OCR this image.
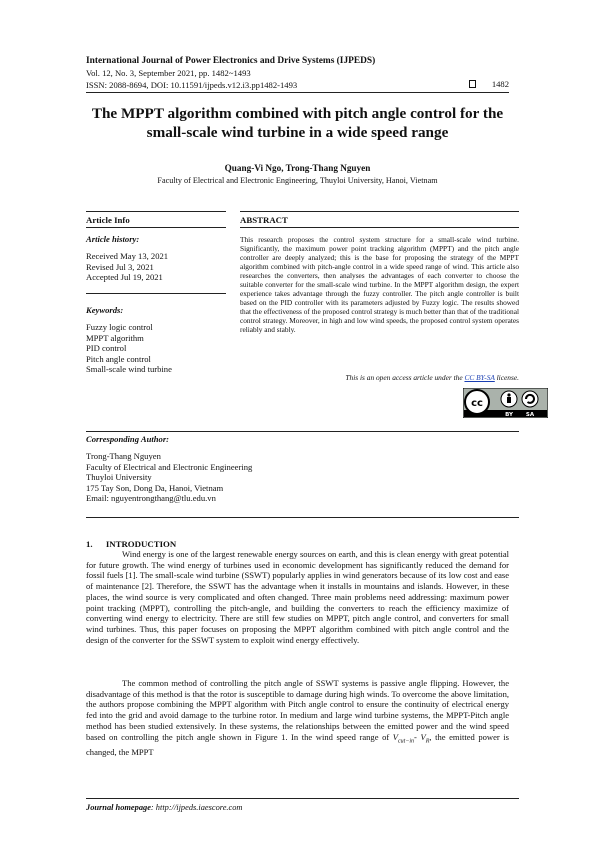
International Journal of Power Electronics and Drive Systems (IJPEDS)
Vol. 12, No. 3, September 2021, pp. 1482~1493
ISSN: 2088-8694, DOI: 10.11591/ijpeds.v12.i3.pp1482-1493	1482
The MPPT algorithm combined with pitch angle control for the small-scale wind turbine in a wide speed range
Quang-Vi Ngo, Trong-Thang Nguyen
Faculty of Electrical and Electronic Engineering, Thuyloi University, Hanoi, Vietnam
Article Info
Article history:
Received May 13, 2021
Revised Jul 3, 2021
Accepted Jul 19, 2021
Keywords:
Fuzzy logic control
MPPT algorithm
PID control
Pitch angle control
Small-scale wind turbine
ABSTRACT
This research proposes the control system structure for a small-scale wind turbine. Significantly, the maximum power point tracking algorithm (MPPT) and the pitch angle controller are deeply analyzed; this is the base for proposing the strategy of the MPPT algorithm combined with pitch-angle control in a wide speed range of wind. This article also researches the converters, then analyses the advantages of each converter to choose the suitable converter for the small-scale wind turbine. In the MPPT algorithm design, the expert experience takes advantage through the fuzzy controller. The pitch angle controller is built based on the PID controller with its parameters adjusted by Fuzzy logic. The results showed that the effectiveness of the proposed control strategy is much better than that of the traditional control strategy. Moreover, in high and low wind speeds, the proposed control system operates reliably and stably.
This is an open access article under the CC BY-SA license.
cc
BY SA
Corresponding Author:
Trong-Thang Nguyen
Faculty of Electrical and Electronic Engineering
Thuyloi University
175 Tay Son, Dong Da, Hanoi, Vietnam
Email: nguyentrongthang@tlu.edu.vn
1. INTRODUCTION
Wind energy is one of the largest renewable energy sources on earth, and this is clean energy with great potential for future growth. The wind energy of turbines used in economic development has significantly reduced the demand for fossil fuels [1]. The small-scale wind turbine (SSWT) popularly applies in wind generators because of its low cost and ease of maintenance [2]. Therefore, the SSWT has the advantage when it installs in mountains and islands. However, in these places, the wind source is very complicated and often changed. Three main problems need addressing: maximum power point tracking (MPPT), controlling the pitch-angle, and building the converters to reach the efficiency maximize of converting wind energy to electricity. There are still few studies on MPPT, pitch angle control, and converters for small wind turbines. Thus, this paper focuses on proposing the MPPT algorithm combined with pitch angle control and the design of the converter for the SSWT system to exploit wind energy effectively.
The common method of controlling the pitch angle of SSWT systems is passive angle flipping. However, the disadvantage of this method is that the rotor is susceptible to damage during high winds. To overcome the above limitation, the authors propose combining the MPPT algorithm with Pitch angle control to ensure the continuity of electrical energy fed into the grid and avoid damage to the turbine rotor. In medium and large wind turbine systems, the MPPT-Pitch angle method has been studied extensively. In these systems, the relationships between the emitted power and the wind speed based on controlling the pitch angle shown in Figure 1. In the wind speed range of $V_{cut-in}-$ $V_R$, the emitted power is changed, the MPPT
Journal homepage: http://ijpeds.iaescore.com
